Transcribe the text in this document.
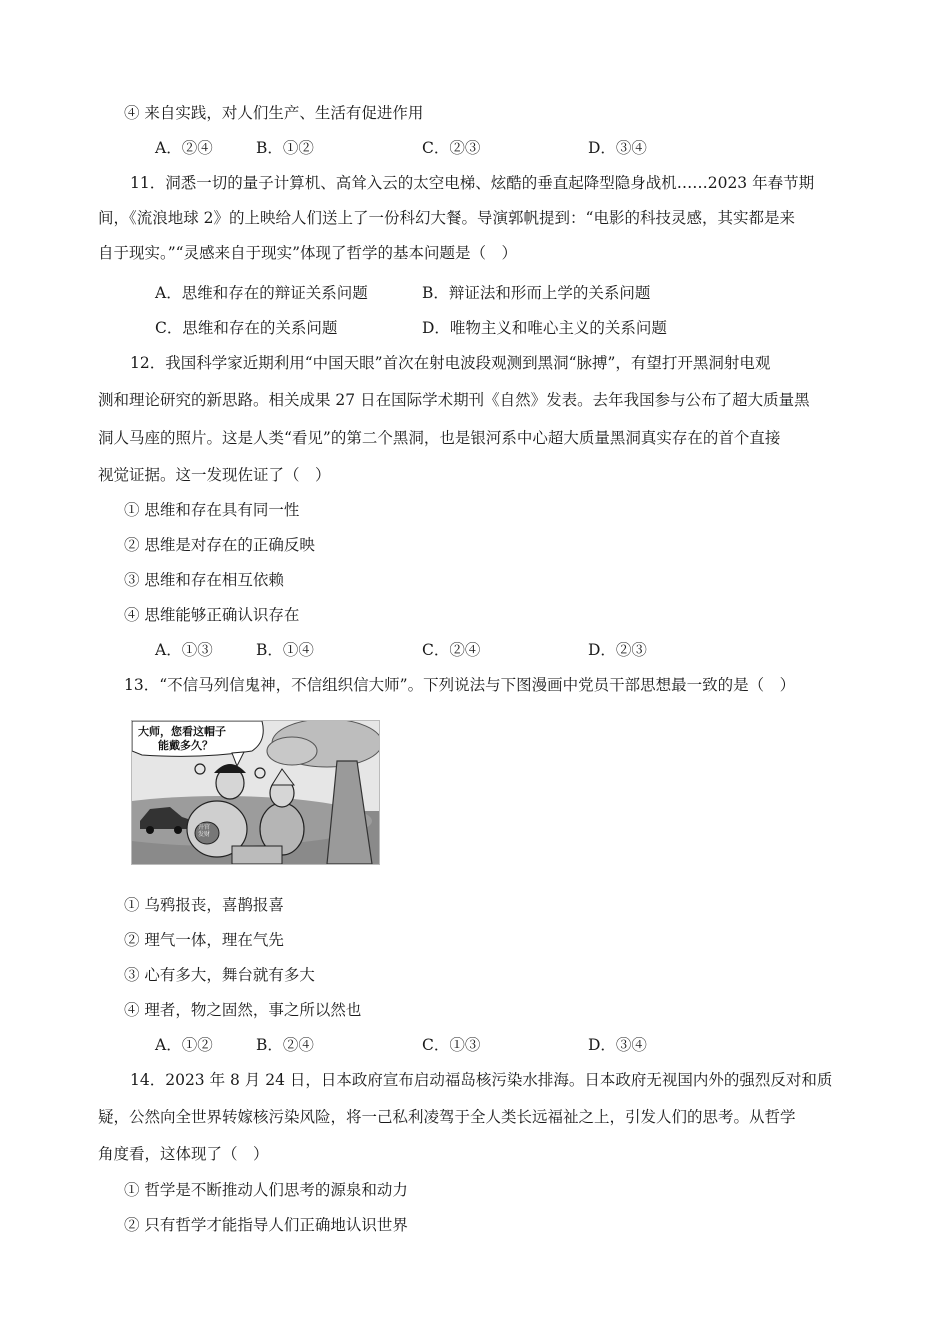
④ 来自实践，对人们生产、生活有促进作用
A．②④	B．①②	C．②③	D．③④
11．洞悉一切的量子计算机、高耸入云的太空电梯、炫酷的垂直起降型隐身战机……2023 年春节期
间，《流浪地球 2》的上映给人们送上了一份科幻大餐。导演郭帆提到：“电影的科技灵感，其实都是来
自于现实。”“灵感来自于现实”体现了哲学的基本问题是（　）
A．思维和存在的辩证关系问题	B．辩证法和形而上学的关系问题
C．思维和存在的关系问题	D．唯物主义和唯心主义的关系问题
12．我国科学家近期利用“中国天眼”首次在射电波段观测到黑洞“脉搏”，有望打开黑洞射电观
测和理论研究的新思路。相关成果 27 日在国际学术期刊《自然》发表。去年我国参与公布了超大质量黑
洞人马座的照片。这是人类“看见”的第二个黑洞，也是银河系中心超大质量黑洞真实存在的首个直接
视觉证据。这一发现佐证了（　）
① 思维和存在具有同一性
② 思维是对存在的正确反映
③ 思维和存在相互依赖
④ 思维能够正确认识存在
A．①③	B．①④	C．②④	D．②③
13．“不信马列信鬼神，不信组织信大师”。下列说法与下图漫画中党员干部思想最一致的是（　）
大师，您看这帽子
能戴多久？
升官
发财
① 乌鸦报丧，喜鹊报喜
② 理气一体，理在气先
③ 心有多大，舞台就有多大
④ 理者，物之固然，事之所以然也
A．①②	B．②④	C．①③	D．③④
14．2023 年 8 月 24 日，日本政府宣布启动福岛核污染水排海。日本政府无视国内外的强烈反对和质
疑，公然向全世界转嫁核污染风险，将一己私利凌驾于全人类长远福祉之上，引发人们的思考。从哲学
角度看，这体现了（　）
① 哲学是不断推动人们思考的源泉和动力
② 只有哲学才能指导人们正确地认识世界
